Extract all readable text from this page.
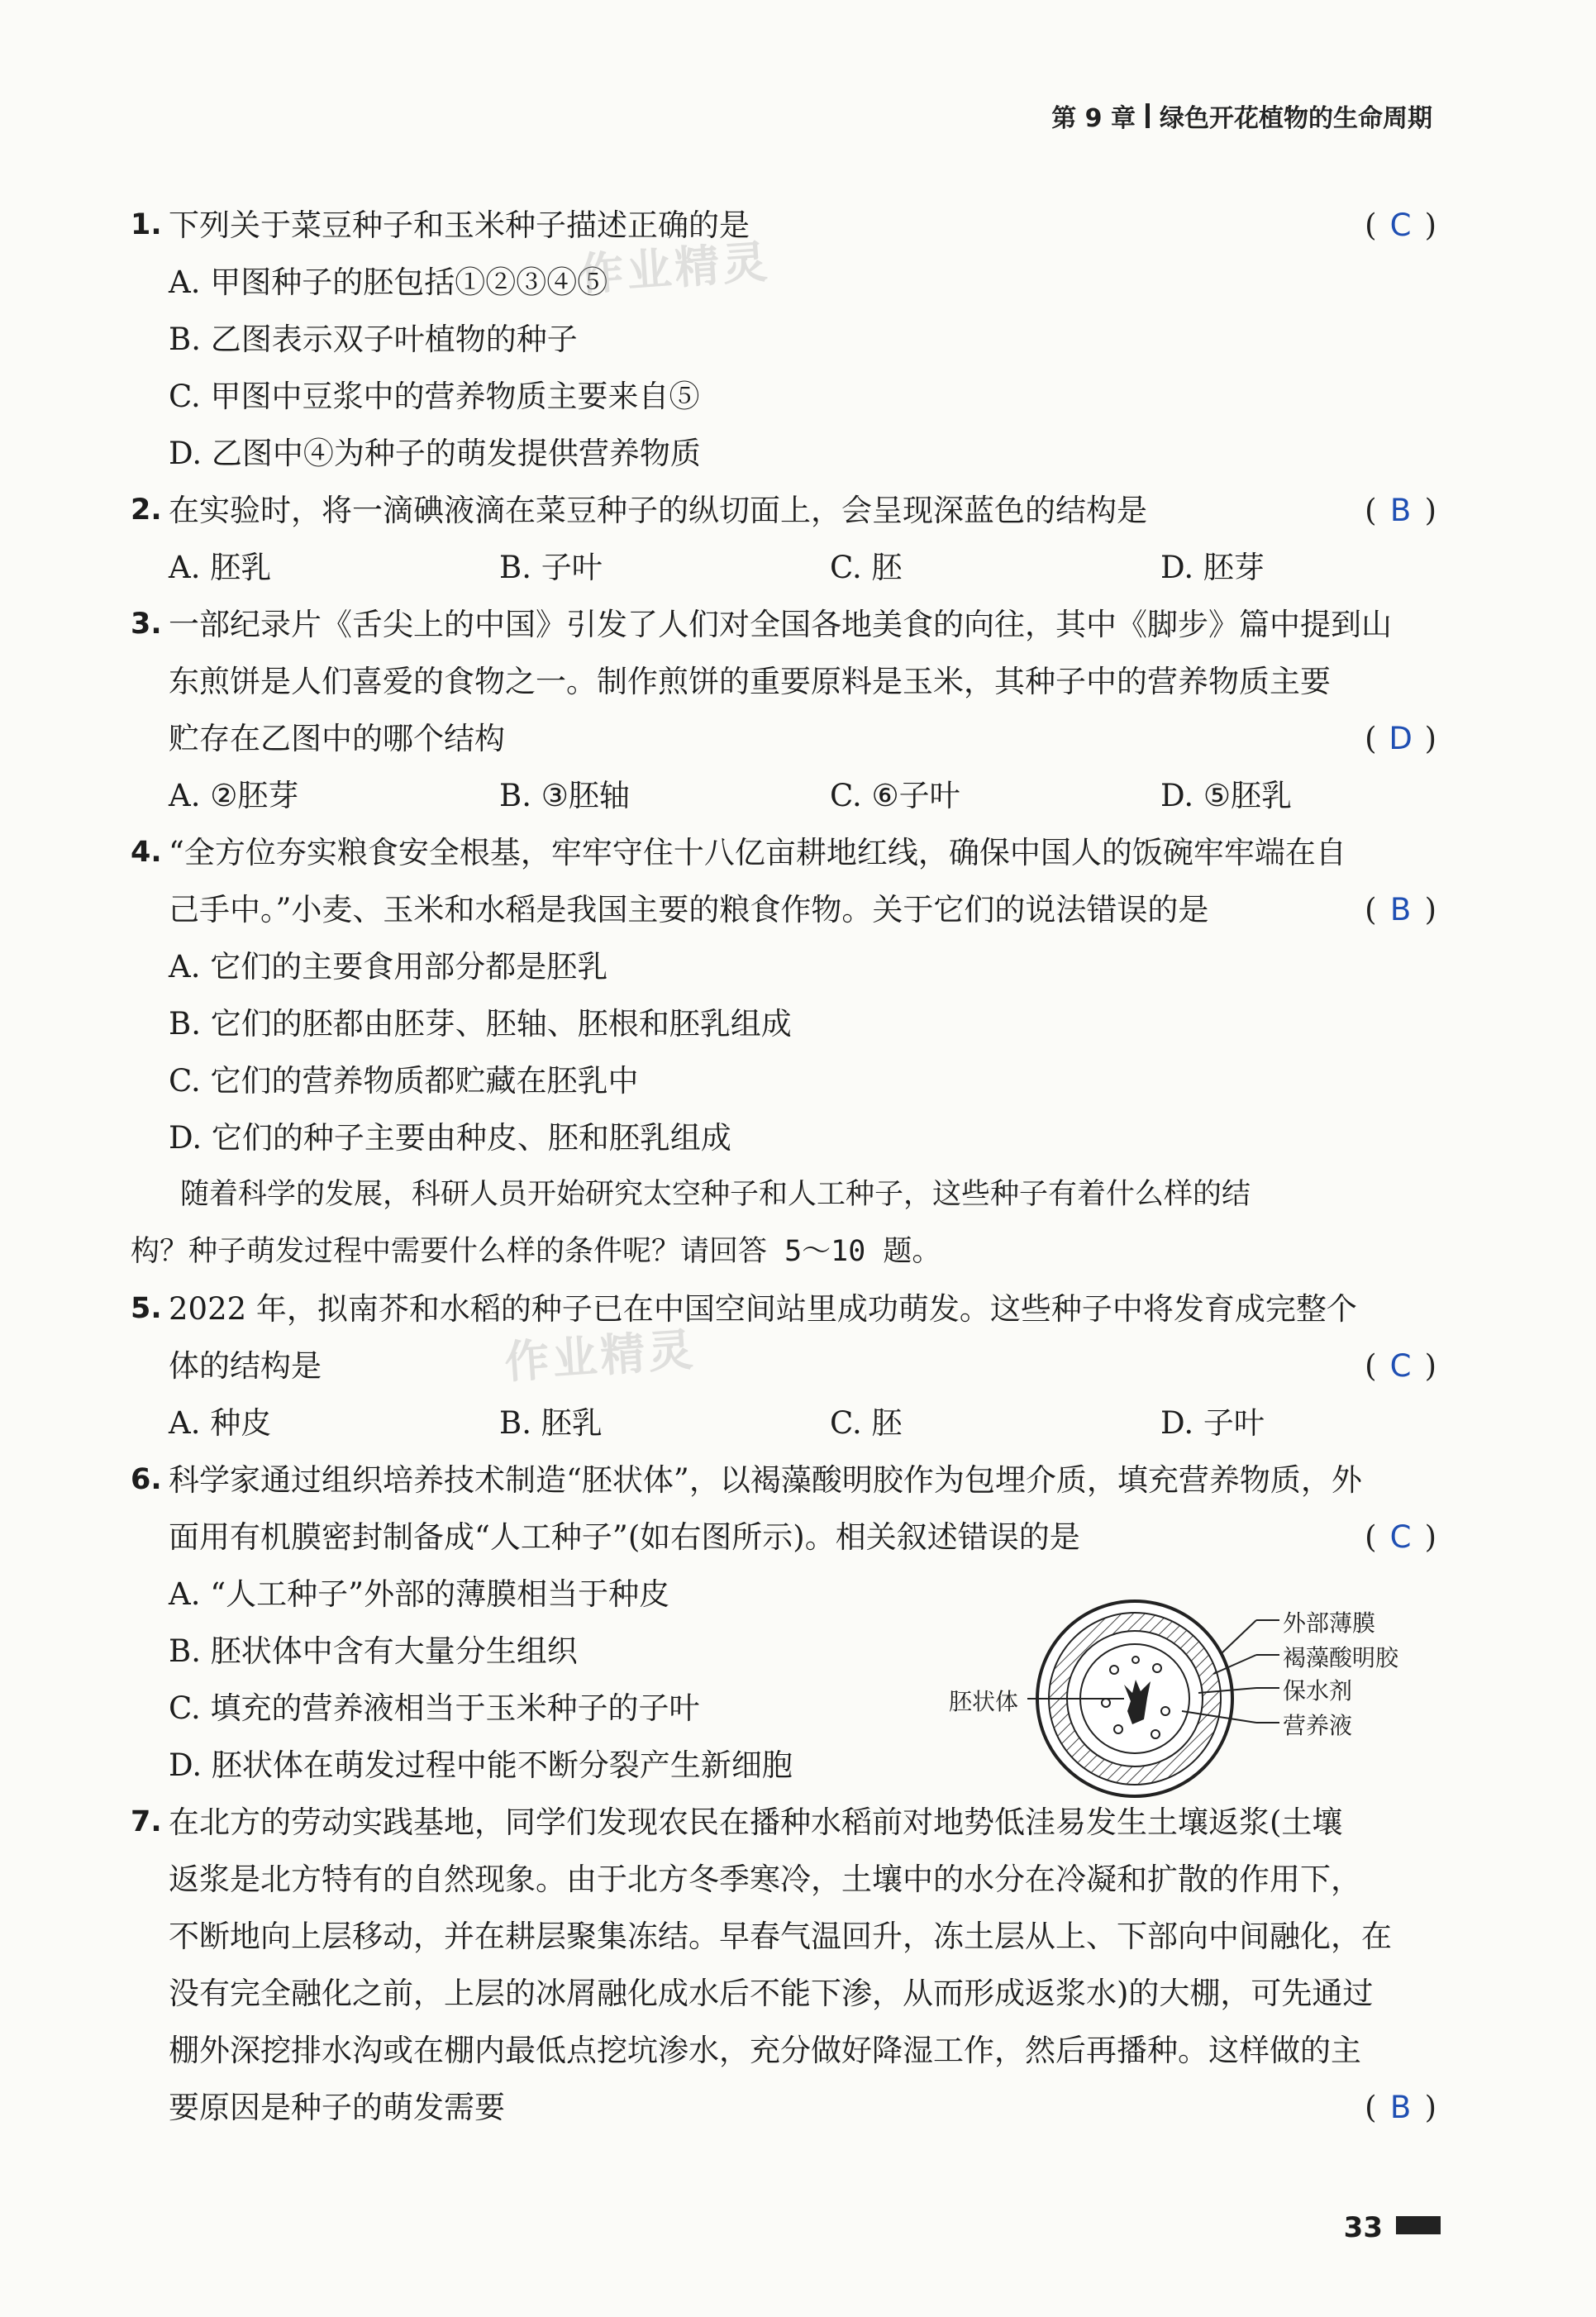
第 9 章 绿色开花植物的生命周期
1. 下列关于菜豆种子和玉米种子描述正确的是	( C )
A. 甲图种子的胚包括①②③④⑤
B. 乙图表示双子叶植物的种子
C. 甲图中豆浆中的营养物质主要来自⑤
D. 乙图中④为种子的萌发提供营养物质
2. 在实验时，将一滴碘液滴在菜豆种子的纵切面上，会呈现深蓝色的结构是	( B )
A. 胚乳	B. 子叶	C. 胚	D. 胚芽
3. 一部纪录片《舌尖上的中国》引发了人们对全国各地美食的向往，其中《脚步》篇中提到山
东煎饼是人们喜爱的食物之一。制作煎饼的重要原料是玉米，其种子中的营养物质主要
贮存在乙图中的哪个结构	( D )
A. ②胚芽	B. ③胚轴	C. ⑥子叶	D. ⑤胚乳
4. “全方位夯实粮食安全根基，牢牢守住十八亿亩耕地红线，确保中国人的饭碗牢牢端在自
己手中。”小麦、玉米和水稻是我国主要的粮食作物。关于它们的说法错误的是	( B )
A. 它们的主要食用部分都是胚乳
B. 它们的胚都由胚芽、胚轴、胚根和胚乳组成
C. 它们的营养物质都贮藏在胚乳中
D. 它们的种子主要由种皮、胚和胚乳组成
随着科学的发展，科研人员开始研究太空种子和人工种子，这些种子有着什么样的结
构？种子萌发过程中需要什么样的条件呢？请回答 5～10 题。
5. 2022 年，拟南芥和水稻的种子已在中国空间站里成功萌发。这些种子中将发育成完整个
体的结构是	( C )
A. 种皮	B. 胚乳	C. 胚	D. 子叶
6. 科学家通过组织培养技术制造“胚状体”，以褐藻酸明胶作为包埋介质，填充营养物质，外
面用有机膜密封制备成“人工种子”(如右图所示)。相关叙述错误的是	( C )
A. “人工种子”外部的薄膜相当于种皮
B. 胚状体中含有大量分生组织
C. 填充的营养液相当于玉米种子的子叶
D. 胚状体在萌发过程中能不断分裂产生新细胞
7. 在北方的劳动实践基地，同学们发现农民在播种水稻前对地势低洼易发生土壤返浆(土壤
返浆是北方特有的自然现象。由于北方冬季寒冷，土壤中的水分在冷凝和扩散的作用下，
不断地向上层移动，并在耕层聚集冻结。早春气温回升，冻土层从上、下部向中间融化，在
没有完全融化之前，上层的冰屑融化成水后不能下渗，从而形成返浆水)的大棚，可先通过
棚外深挖排水沟或在棚内最低点挖坑渗水，充分做好降湿工作，然后再播种。这样做的主
要原因是种子的萌发需要	( B )
胚状体
外部薄膜
褐藻酸明胶
保水剂
营养液
作业精灵
作业精灵
33
